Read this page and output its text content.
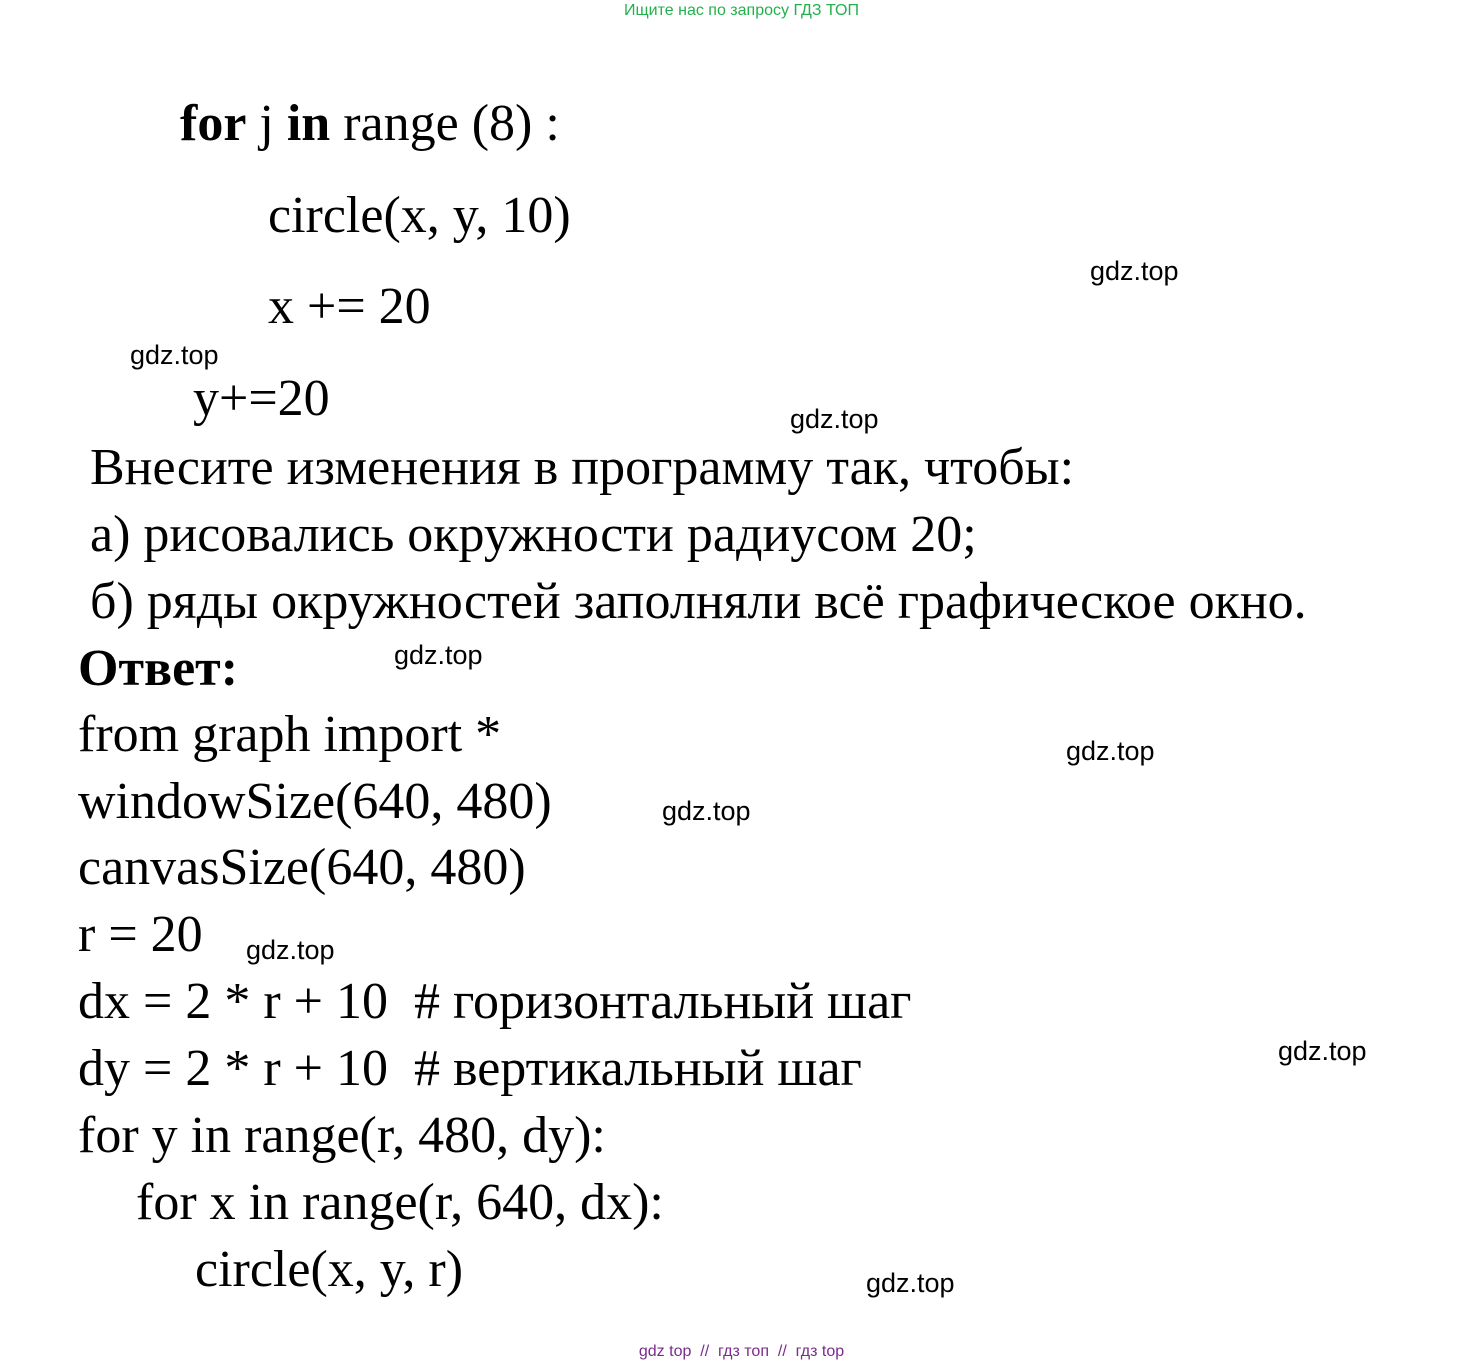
Ищите нас по запросу ГДЗ ТОП
for j in range (8) :
circle(x, y, 10)
x += 20
y+=20
Внесите изменения в программу так, чтобы:
а) рисовались окружности радиусом 20;
б) ряды окружностей заполняли всё графическое окно.
Ответ:
from graph import *
windowSize(640, 480)
canvasSize(640, 480)
r = 20
dx = 2 * r + 10  # горизонтальный шаг
dy = 2 * r + 10  # вертикальный шаг
for y in range(r, 480, dy):
for x in range(r, 640, dx):
circle(x, y, r)
gdz.top
gdz.top
gdz.top
gdz.top
gdz.top
gdz.top
gdz.top
gdz.top
gdz.top
gdz top  //  гдз топ  //  гдз top
